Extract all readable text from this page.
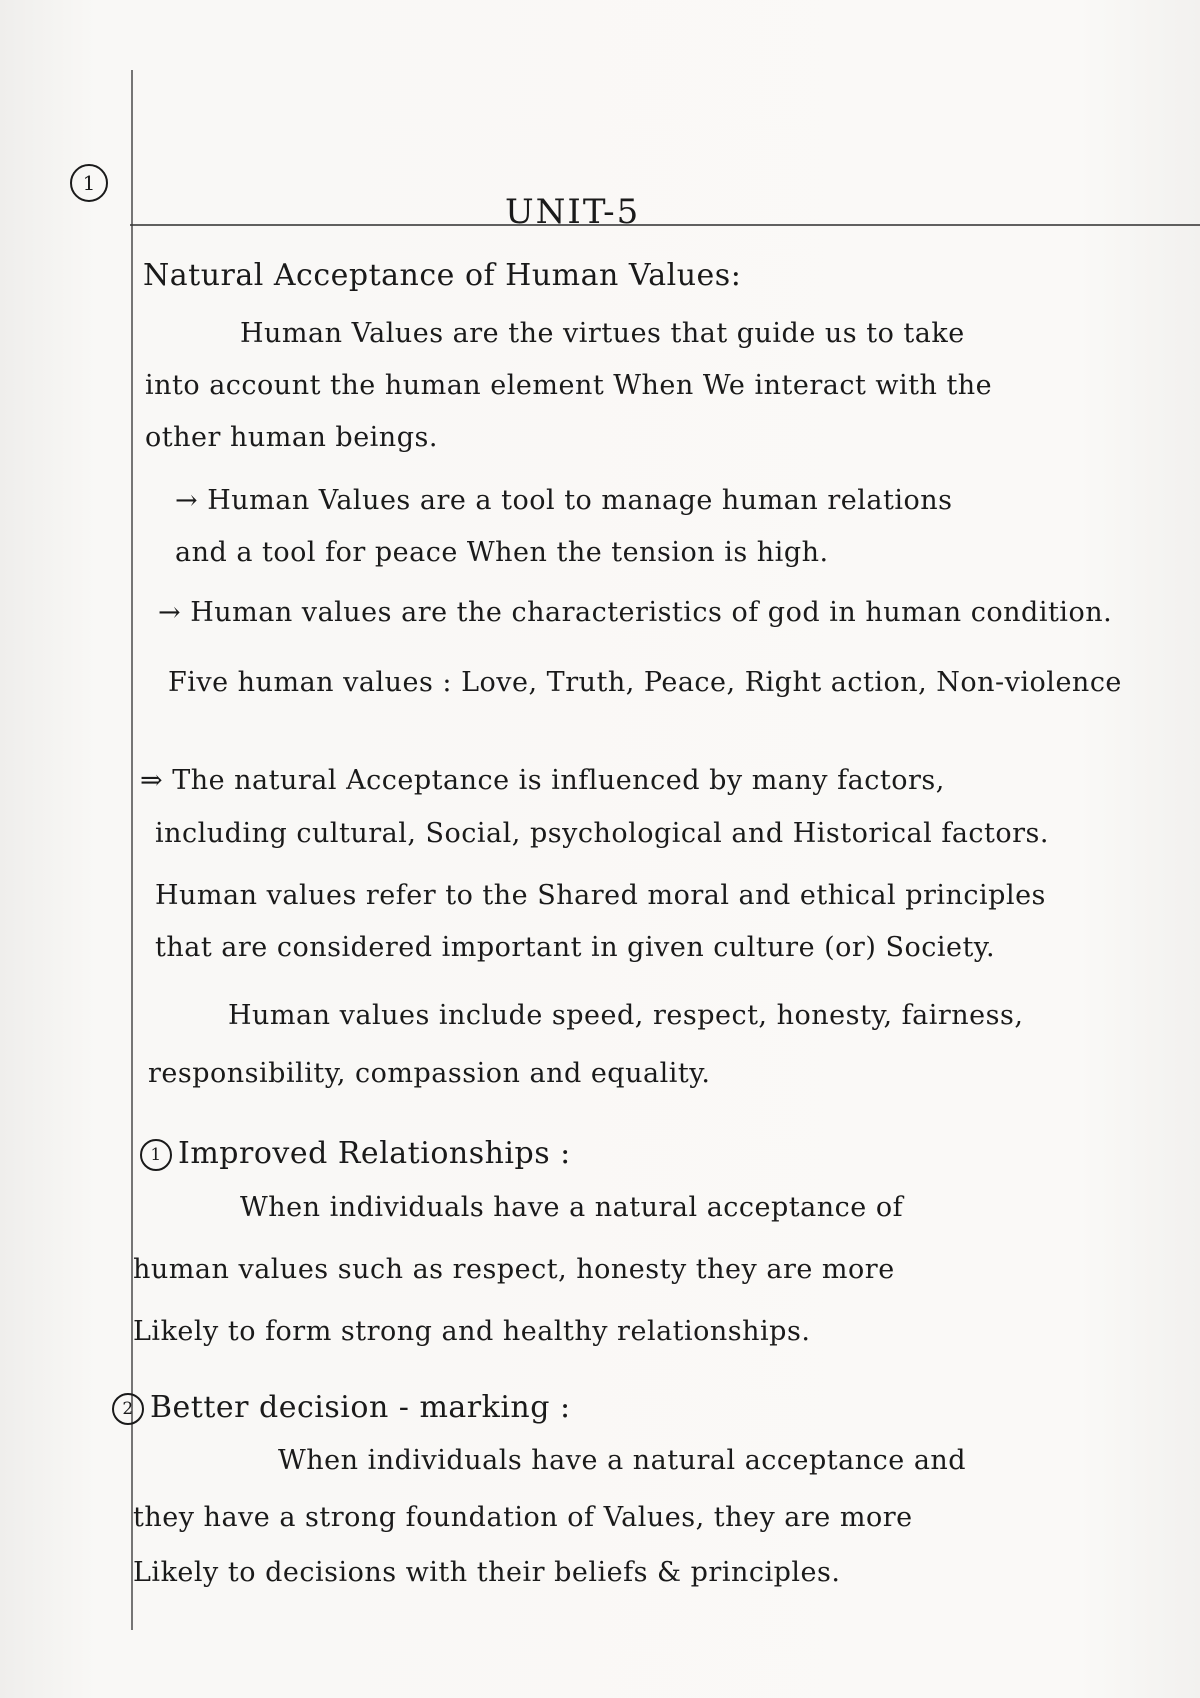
1
UNIT-5
Natural Acceptance of Human Values:
Human Values are the virtues that guide us to take
into account the human element When We interact with the
other human beings.
→ Human Values are a tool to manage human relations
and a tool for peace When the tension is high.
→ Human values are the characteristics of god in human condition.
Five human values : Love, Truth, Peace, Right action, Non-violence
⇒ The natural Acceptance is influenced by many factors,
including cultural, Social, psychological and Historical factors.
Human values refer to the Shared moral and ethical principles
that are considered important in given culture (or) Society.
Human values include speed, respect, honesty, fairness,
responsibility, compassion and equality.
1 Improved Relationships :
When individuals have a natural acceptance of
human values such as respect, honesty they are more
Likely to form strong and healthy relationships.
2 Better decision - marking :
When individuals have a natural acceptance and
they have a strong foundation of Values, they are more
Likely to decisions with their beliefs & principles.
